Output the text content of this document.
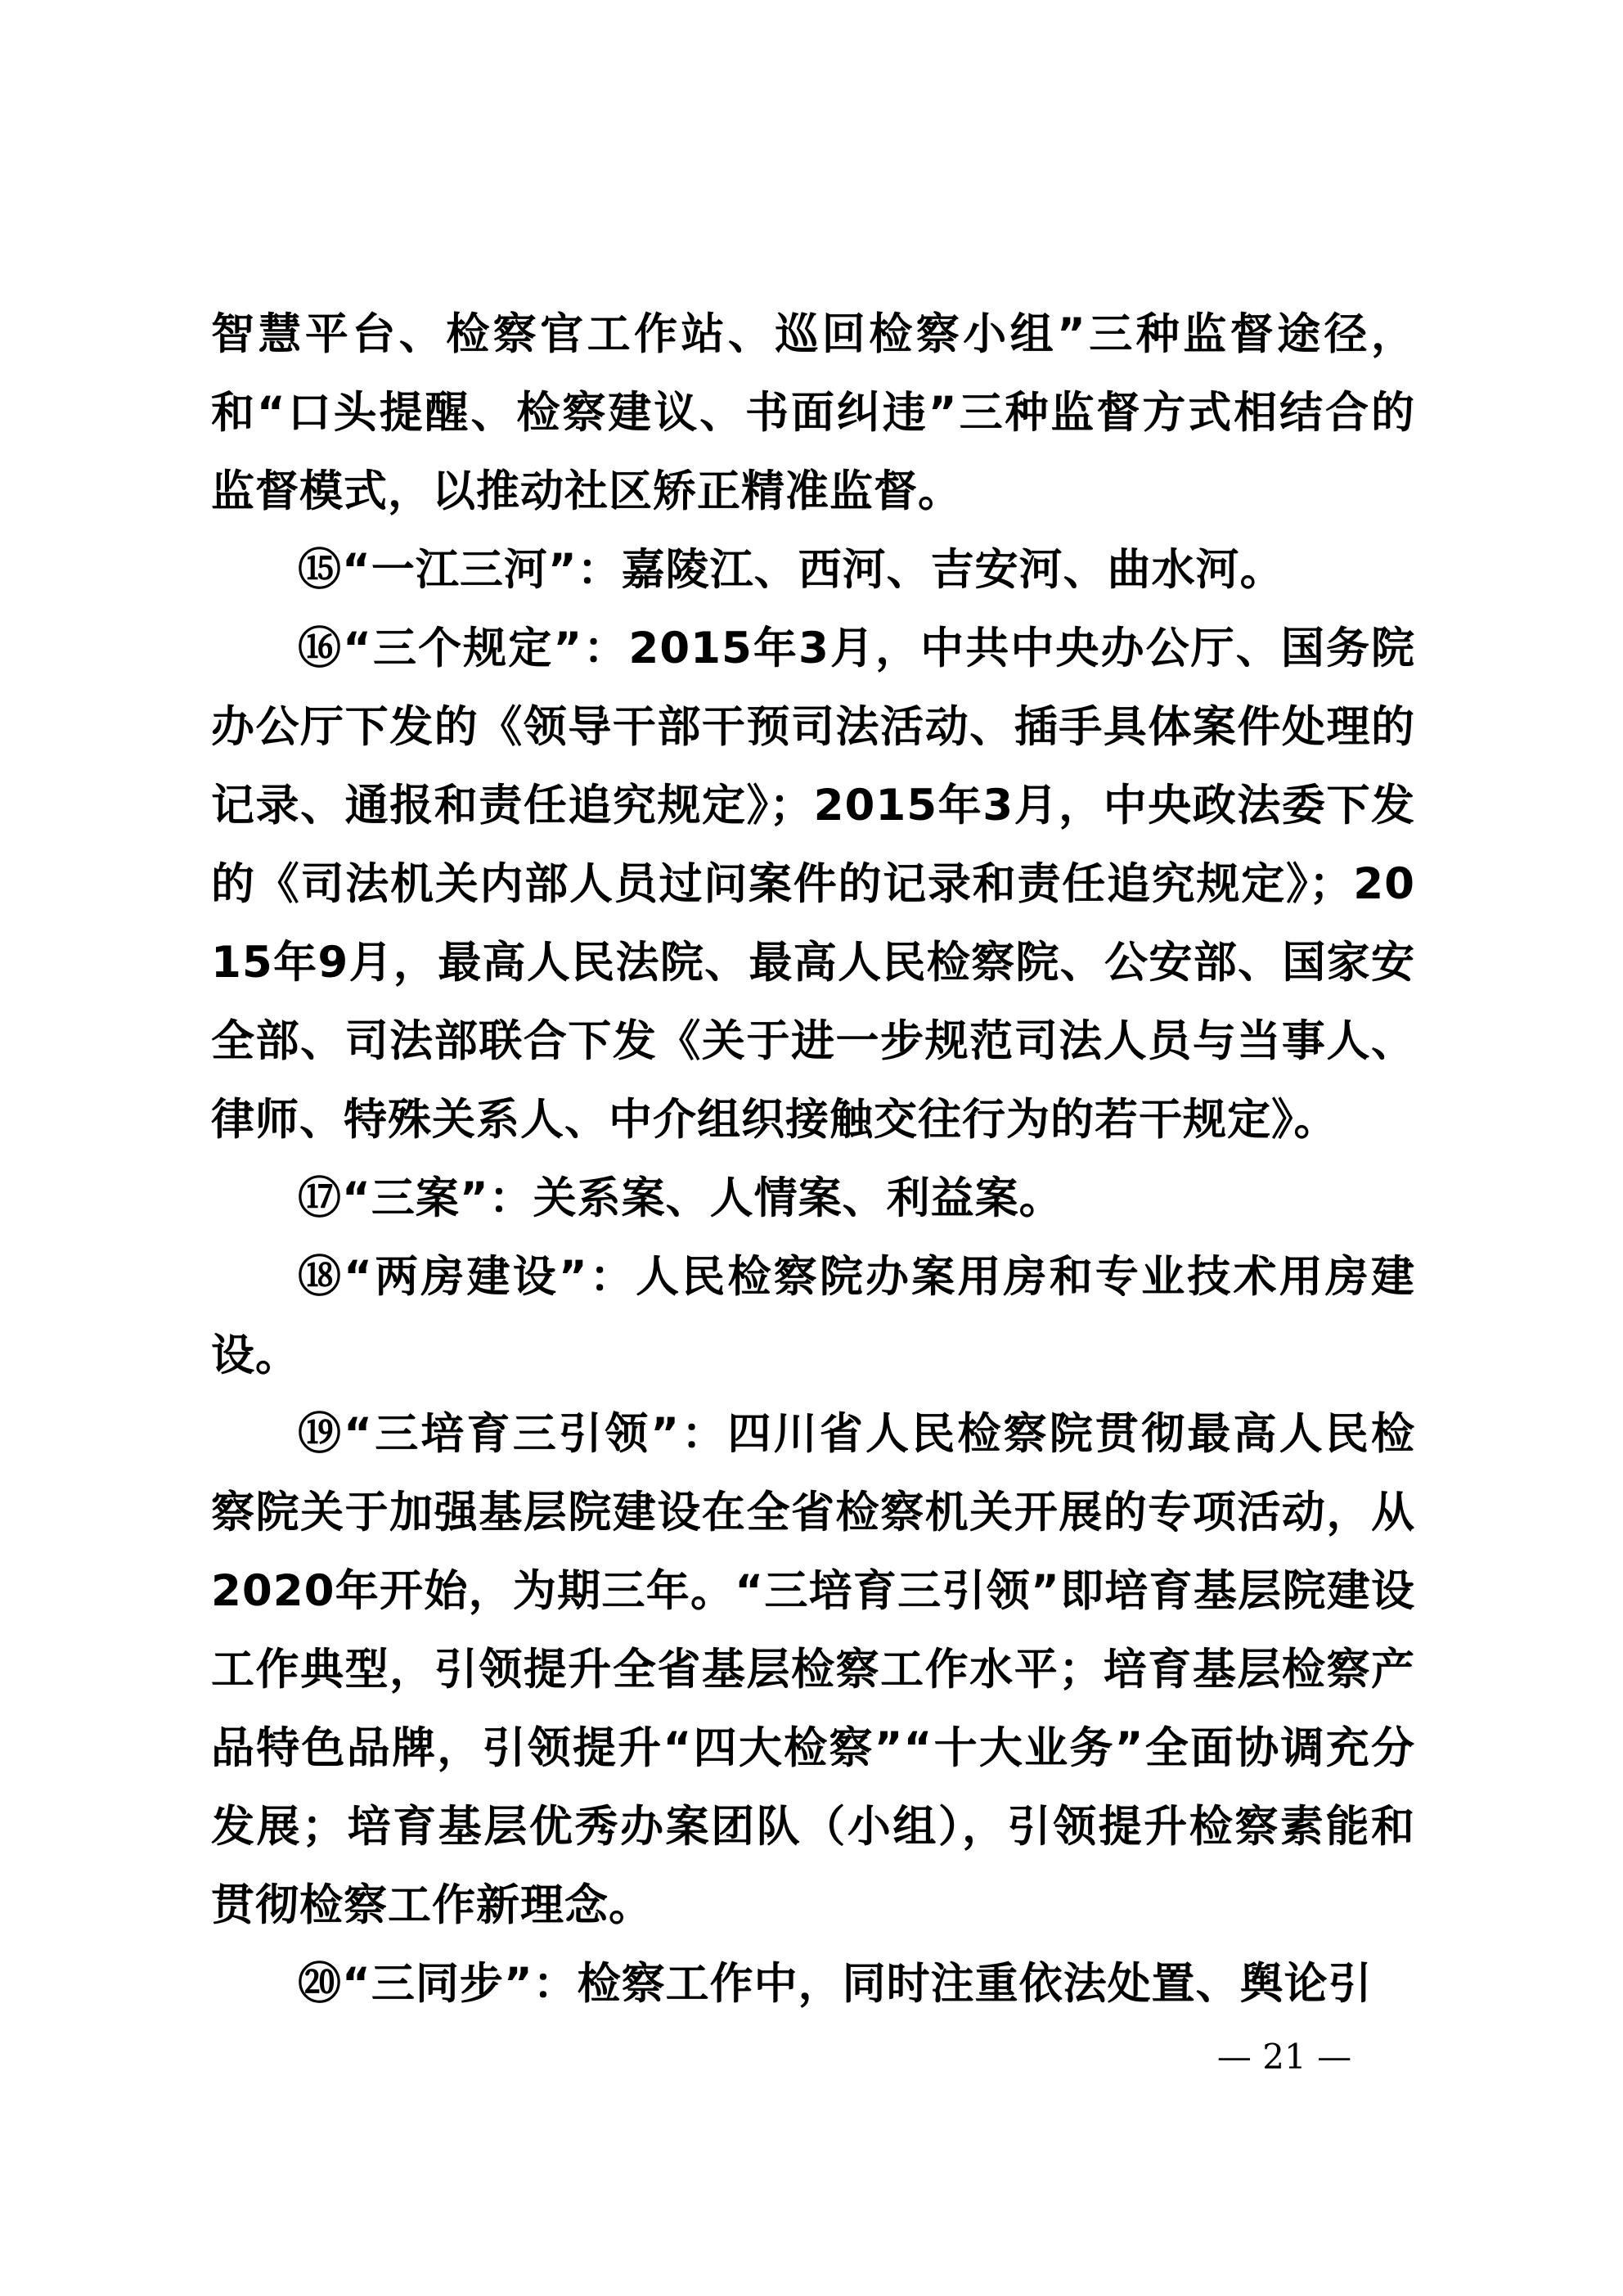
智慧平台、检察官工作站、巡回检察小组”三种监督途径，和“口头提醒、检察建议、书面纠违”三种监督方式相结合的监督模式，以推动社区矫正精准监督。

⑮“一江三河”：嘉陵江、西河、吉安河、曲水河。

⑯“三个规定”：2015年3月，中共中央办公厅、国务院办公厅下发的《领导干部干预司法活动、插手具体案件处理的记录、通报和责任追究规定》；2015年3月，中央政法委下发的《司法机关内部人员过问案件的记录和责任追究规定》；2015年9月，最高人民法院、最高人民检察院、公安部、国家安全部、司法部联合下发《关于进一步规范司法人员与当事人、律师、特殊关系人、中介组织接触交往行为的若干规定》。

⑰“三案”：关系案、人情案、利益案。

⑱“两房建设”：人民检察院办案用房和专业技术用房建设。

⑲“三培育三引领”：四川省人民检察院贯彻最高人民检察院关于加强基层院建设在全省检察机关开展的专项活动，从2020年开始，为期三年。“三培育三引领”即培育基层院建设工作典型，引领提升全省基层检察工作水平；培育基层检察产品特色品牌，引领提升“四大检察”“十大业务”全面协调充分发展；培育基层优秀办案团队（小组），引领提升检察素能和贯彻检察工作新理念。

⑳“三同步”：检察工作中，同时注重依法处置、舆论引

— 21 —
